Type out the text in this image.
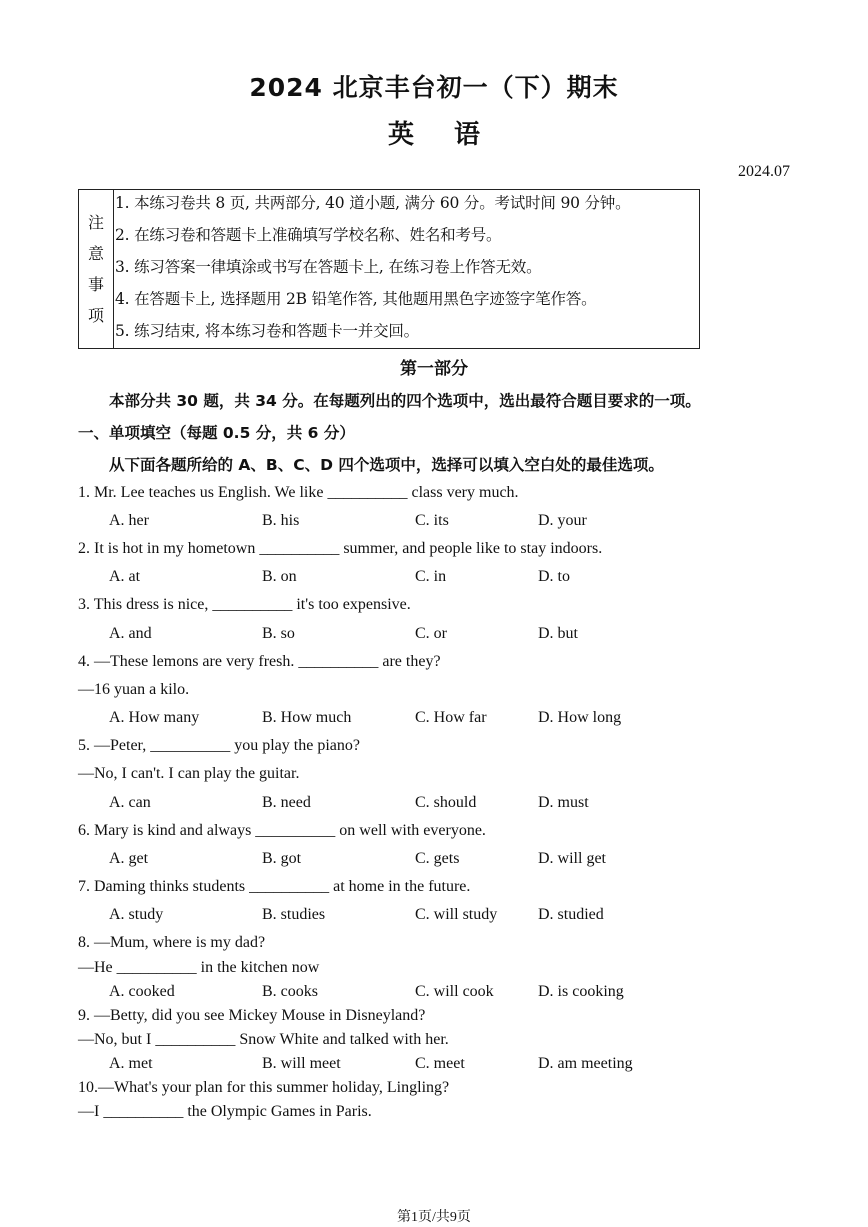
2024 北京丰台初一（下）期末
英语
2024.07
注
意
事
项
1. 本练习卷共 8 页, 共两部分, 40 道小题, 满分 60 分。考试时间 90 分钟。
2. 在练习卷和答题卡上准确填写学校名称、姓名和考号。
3. 练习答案一律填涂或书写在答题卡上, 在练习卷上作答无效。
4. 在答题卡上, 选择题用 2B 铅笔作答, 其他题用黑色字迹签字笔作答。
5. 练习结束, 将本练习卷和答题卡一并交回。
第一部分
本部分共 30 题，共 34 分。在每题列出的四个选项中，选出最符合题目要求的一项。
一、单项填空（每题 0.5 分，共 6 分）
从下面各题所给的 A、B、C、D 四个选项中，选择可以填入空白处的最佳选项。
1. Mr. Lee teaches us English. We like __________ class very much.
A. her	B. his	C. its	D. your
2. It is hot in my hometown __________ summer, and people like to stay indoors.
A. at	B. on	C. in	D. to
3. This dress is nice, __________ it's too expensive.
A. and	B. so	C. or	D. but
4. —These lemons are very fresh. __________ are they?
—16 yuan a kilo.
A. How many	B. How much	C. How far	D. How long
5. —Peter, __________ you play the piano?
—No, I can't. I can play the guitar.
A. can	B. need	C. should	D. must
6. Mary is kind and always __________ on well with everyone.
A. get	B. got	C. gets	D. will get
7. Daming thinks students __________ at home in the future.
A. study	B. studies	C. will study	D. studied
8. —Mum, where is my dad?
—He __________ in the kitchen now
A. cooked	B. cooks	C. will cook	D. is cooking
9. —Betty, did you see Mickey Mouse in Disneyland?
—No, but I __________ Snow White and talked with her.
A. met	B. will meet	C. meet	D. am meeting
10.—What's your plan for this summer holiday, Lingling?
—I __________ the Olympic Games in Paris.
第1页/共9页
